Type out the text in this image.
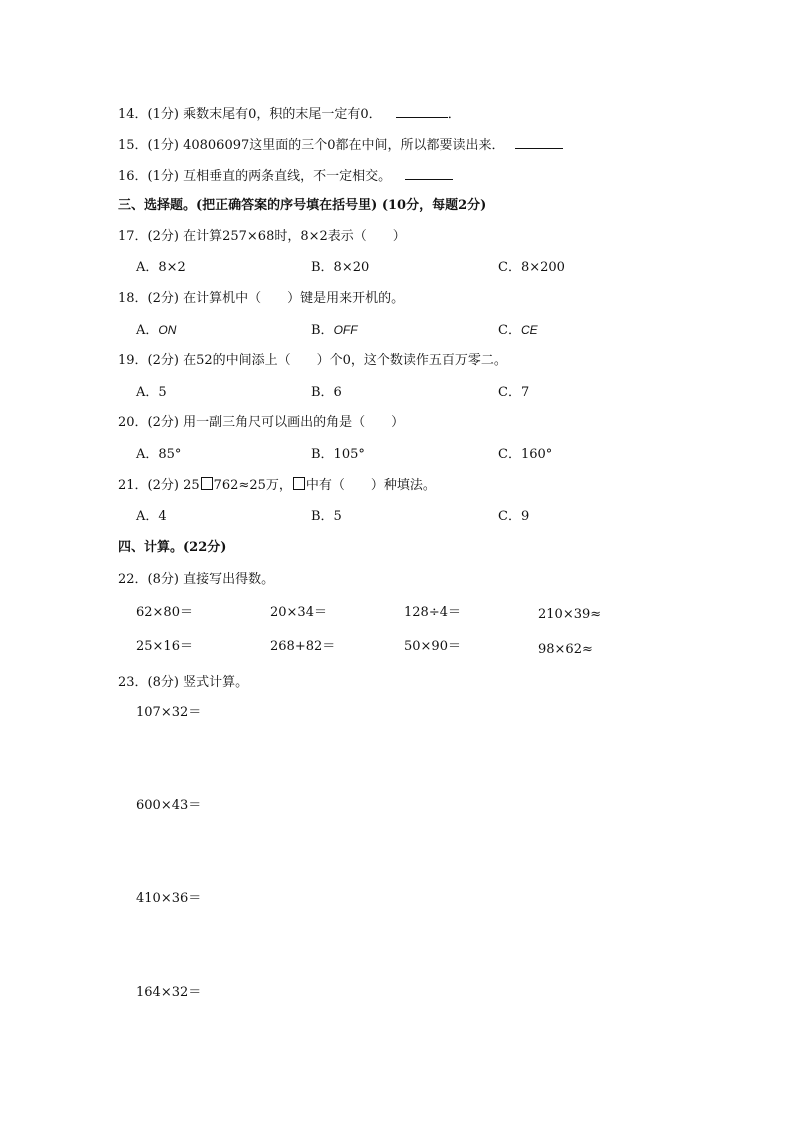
14．(1分) 乘数末尾有0，积的末尾一定有0．	．
15．(1分) 40806097这里面的三个0都在中间，所以都要读出来．
16．(1分) 互相垂直的两条直线，不一定相交。
三、选择题。(把正确答案的序号填在括号里) (10分，每题2分)
17．(2分) 在计算257×68时，8×2表示（　　）
A．8×2	B．8×20	C．8×200
18．(2分) 在计算机中（　　）键是用来开机的。
A．ON	B．OFF	C．CE
19．(2分) 在52的中间添上（　　）个0，这个数读作五百万零二。
A．5	B．6	C．7
20．(2分) 用一副三角尺可以画出的角是（　　）
A．85°	B．105°	C．160°
21．(2分) 25 762≈25万， 中有（　　）种填法。
A．4	B．5	C．9
四、计算。(22分)
22．(8分) 直接写出得数。
62×80＝	20×34＝	128÷4＝	210×39≈
25×16＝	268+82＝	50×90＝	98×62≈
23．(8分) 竖式计算。
107×32＝
600×43＝
410×36＝
164×32＝
